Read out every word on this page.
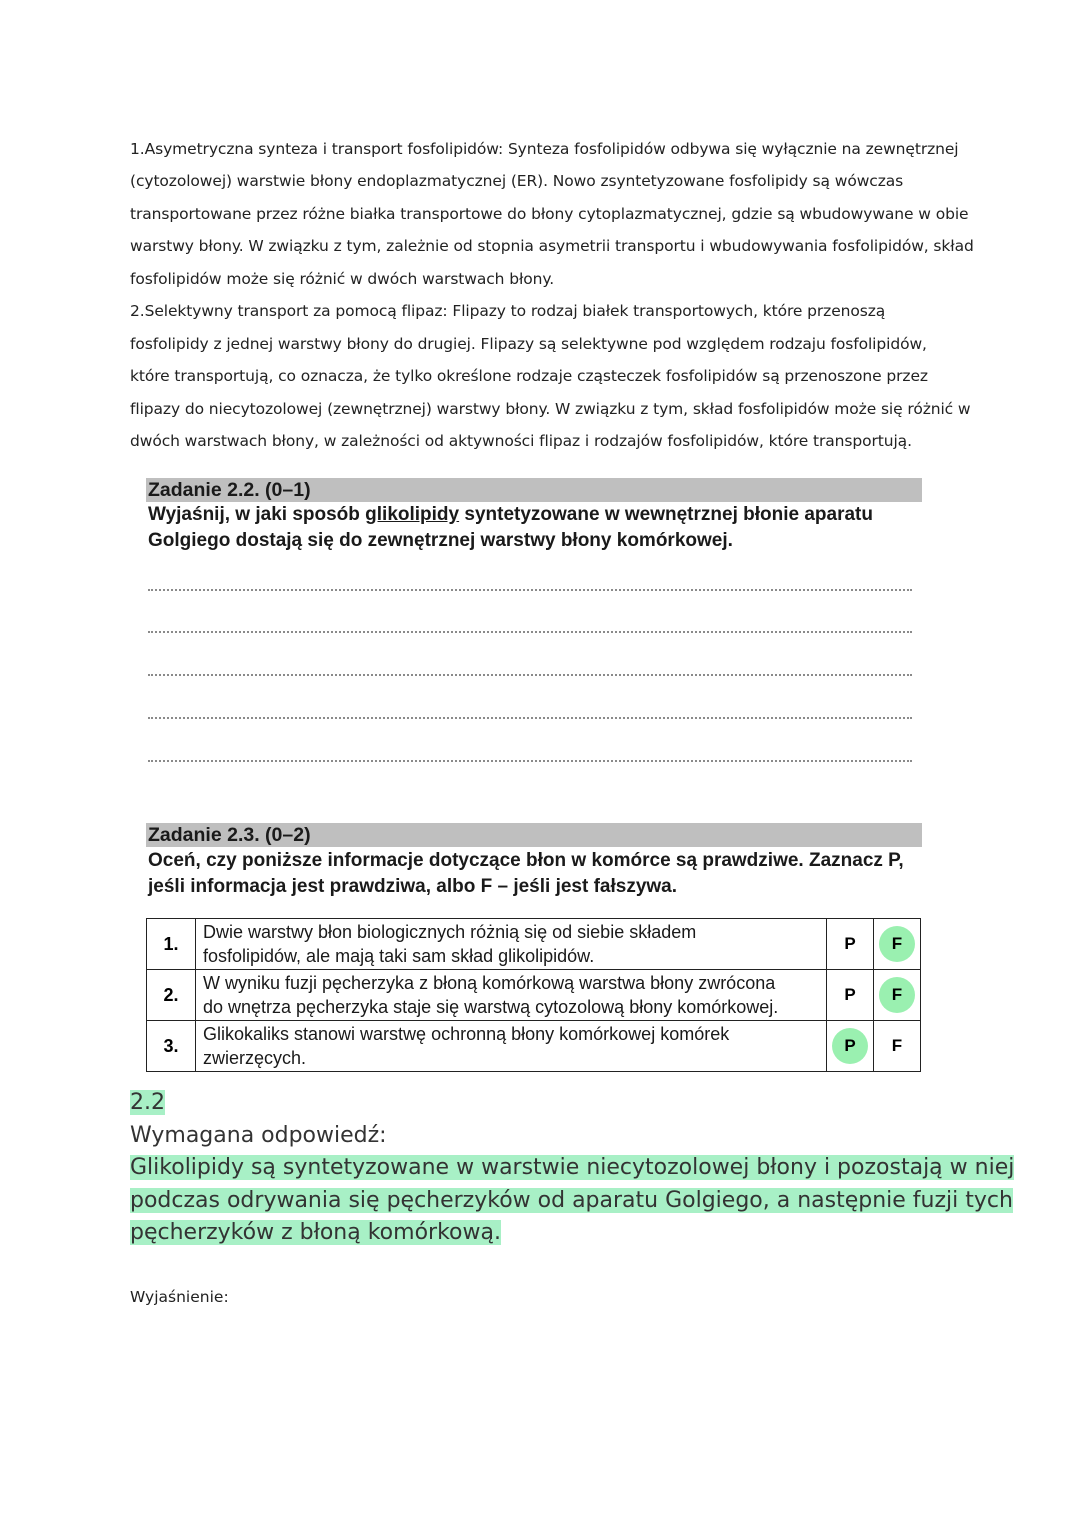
1.Asymetryczna synteza i transport fosfolipidów: Synteza fosfolipidów odbywa się wyłącznie na zewnętrznej
(cytozolowej) warstwie błony endoplazmatycznej (ER). Nowo zsyntetyzowane fosfolipidy są wówczas
transportowane przez różne białka transportowe do błony cytoplazmatycznej, gdzie są wbudowywane w obie
warstwy błony. W związku z tym, zależnie od stopnia asymetrii transportu i wbudowywania fosfolipidów, skład
fosfolipidów może się różnić w dwóch warstwach błony.
2.Selektywny transport za pomocą flipaz: Flipazy to rodzaj białek transportowych, które przenoszą
fosfolipidy z jednej warstwy błony do drugiej. Flipazy są selektywne pod względem rodzaju fosfolipidów,
które transportują, co oznacza, że tylko określone rodzaje cząsteczek fosfolipidów są przenoszone przez
flipazy do niecytozolowej (zewnętrznej) warstwy błony. W związku z tym, skład fosfolipidów może się różnić w
dwóch warstwach błony, w zależności od aktywności flipaz i rodzajów fosfolipidów, które transportują.
Zadanie 2.2. (0–1)
Wyjaśnij, w jaki sposób glikolipidy syntetyzowane w wewnętrznej błonie aparatu
Golgiego dostają się do zewnętrznej warstwy błony komórkowej.
Zadanie 2.3. (0–2)
Oceń, czy poniższe informacje dotyczące błon w komórce są prawdziwe. Zaznacz P,
jeśli informacja jest prawdziwa, albo F – jeśli jest fałszywa.
1.	Dwie warstwy błon biologicznych różnią się od siebie składem
fosfolipidów, ale mają taki sam skład glikolipidów.	P	F
2.	W wyniku fuzji pęcherzyka z błoną komórkową warstwa błony zwrócona
do wnętrza pęcherzyka staje się warstwą cytozolową błony komórkowej.	P	F
3.	Glikokaliks stanowi warstwę ochronną błony komórkowej komórek
zwierzęcych.	P	F
2.2
Wymagana odpowiedź:
Glikolipidy są syntetyzowane w warstwie niecytozolowej błony i pozostają w niej
podczas odrywania się pęcherzyków od aparatu Golgiego, a następnie fuzji tych
pęcherzyków z błoną komórkową.
Wyjaśnienie:
